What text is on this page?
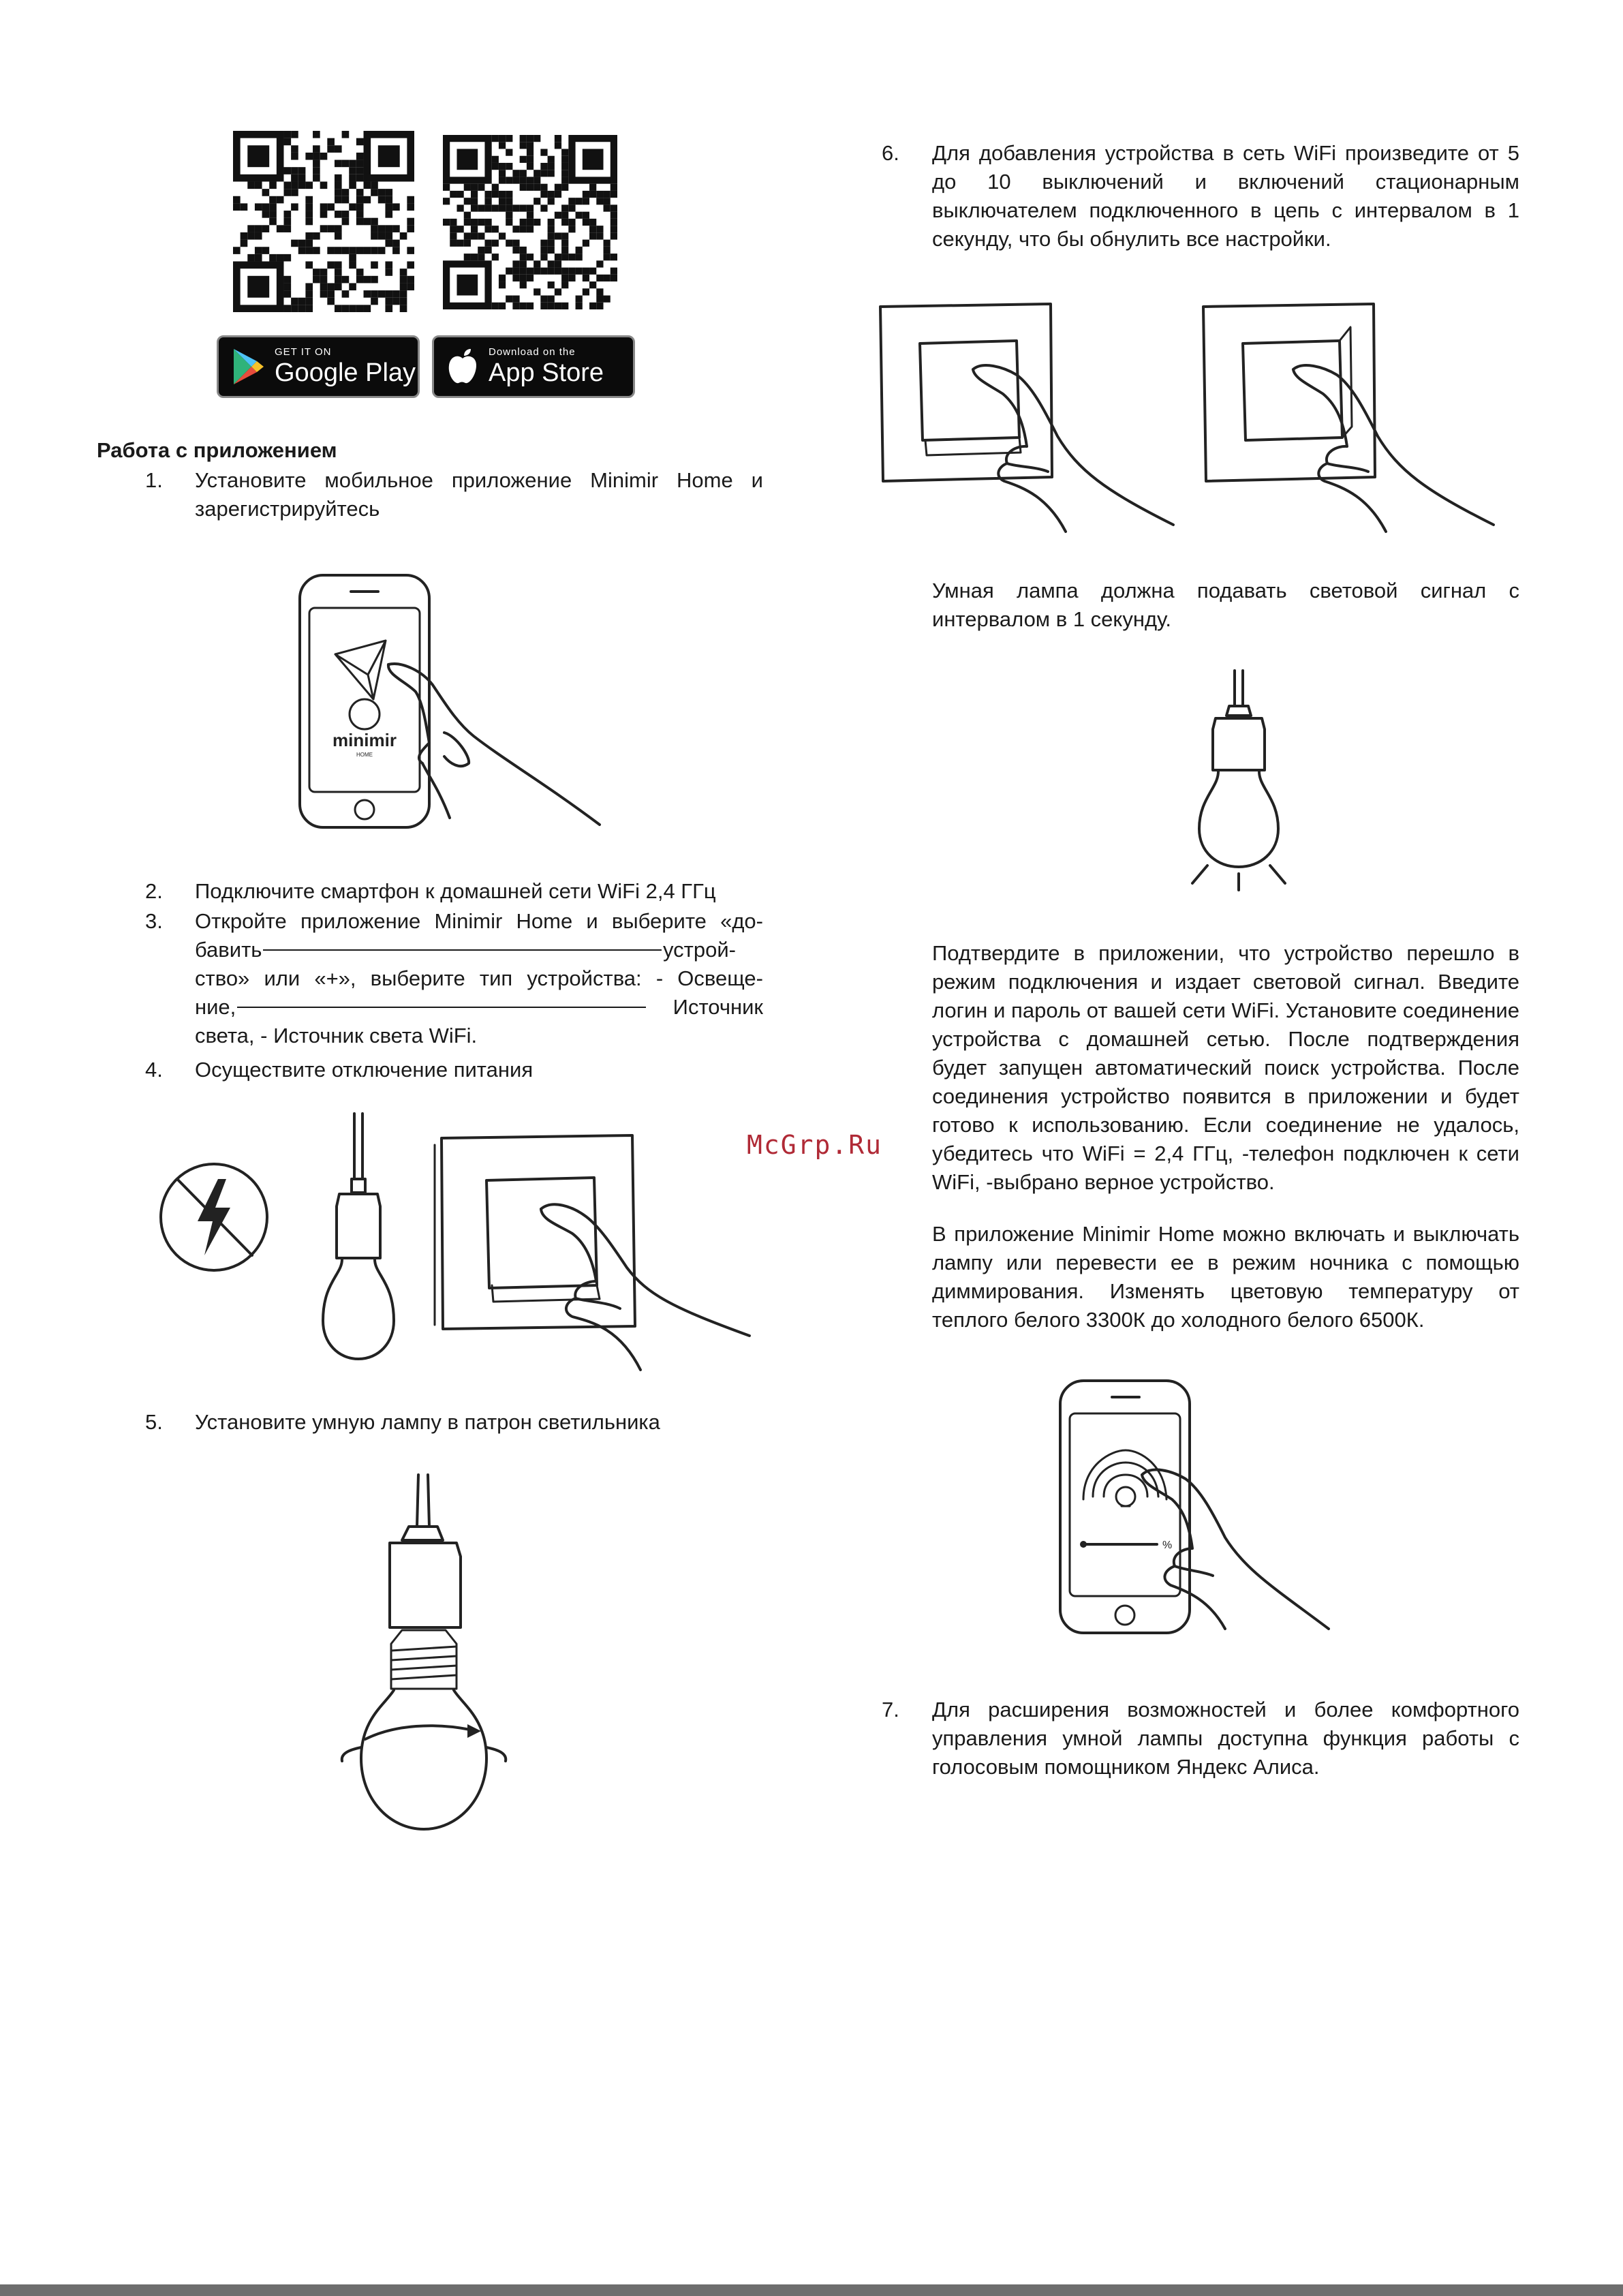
GET IT ON
Google Play
Download on the
App Store
Работа с приложением
1. Установите мобильное приложение Minimir Home и зарегистрируйтесь
minimir
HOME
2. Подключите смартфон к домашней сети WiFi 2,4 ГГц
3. Откройте приложение Minimir Home и выберите «до-
бавить	устрой-
ство» или «+», выберите тип устройства: - Освеще-
ние,	Источник
света, - Источник света WiFi.
4. Осуществите отключение питания
5. Установите умную лампу в патрон светильника
6. Для добавления устройства в сеть WiFi произведите от 5 до 10 выключений и включений стационарным выключателем подключенного в цепь с интервалом в 1 секунду, что бы обнулить все настройки.
Умная лампа должна подавать световой сигнал с интервалом в 1 секунду.
Подтвердите в приложении, что устройство перешло в режим подключения и издает световой сигнал. Введите логин и пароль от вашей сети WiFi. Установите соединение устройства с домашней сетью. После подтверждения будет запущен автоматический поиск устройства. После соединения устройство появится в приложении и будет готово к использованию. Если соединение не удалось, убедитесь что WiFi = 2,4 ГГц, -телефон подключен к сети WiFi, -выбрано верное устройство.
В приложение Minimir Home можно включать и выключать лампу или перевести ее в режим ночника с помощью диммирования. Изменять цветовую температуру от теплого белого 3300К до холодного белого 6500К.
%
7. Для расширения возможностей и более комфортного управления умной лампы доступна функция работы с голосовым помощником Яндекс Алиса.
McGrp.Ru
